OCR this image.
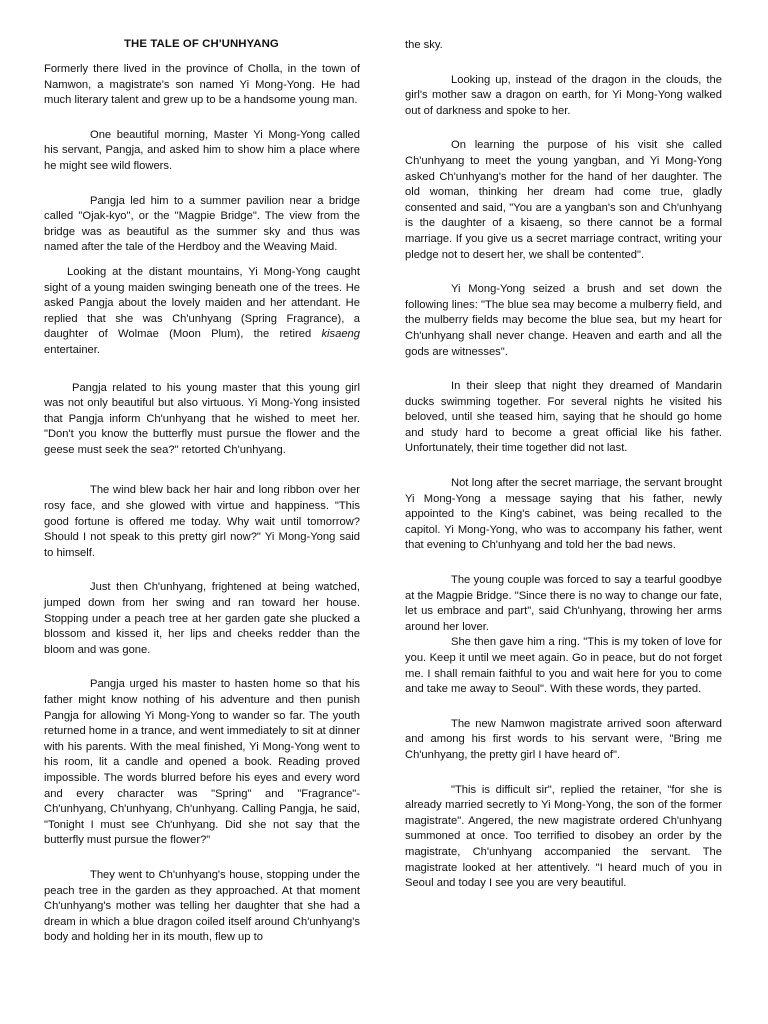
THE TALE OF CH'UNHYANG

Formerly there lived in the province of Cholla, in the town of Namwon, a magistrate's son named Yi Mong-Yong. He had much literary talent and grew up to be a handsome young man.

One beautiful morning, Master Yi Mong-Yong called his servant, Pangja, and asked him to show him a place where he might see wild flowers.

Pangja led him to a summer pavilion near a bridge called "Ojak-kyo", or the "Magpie Bridge". The view from the bridge was as beautiful as the summer sky and thus was named after the tale of the Herdboy and the Weaving Maid.

Looking at the distant mountains, Yi Mong-Yong caught sight of a young maiden swinging beneath one of the trees. He asked Pangja about the lovely maiden and her attendant. He replied that she was Ch'unhyang (Spring Fragrance), a daughter of Wolmae (Moon Plum), the retired kisaeng entertainer.

Pangja related to his young master that this young girl was not only beautiful but also virtuous. Yi Mong-Yong insisted that Pangja inform Ch'unhyang that he wished to meet her. "Don't you know the butterfly must pursue the flower and the geese must seek the sea?" retorted Ch'unhyang.

The wind blew back her hair and long ribbon over her rosy face, and she glowed with virtue and happiness. "This good fortune is offered me today. Why wait until tomorrow? Should I not speak to this pretty girl now?" Yi Mong-Yong said to himself.

Just then Ch'unhyang, frightened at being watched, jumped down from her swing and ran toward her house. Stopping under a peach tree at her garden gate she plucked a blossom and kissed it, her lips and cheeks redder than the bloom and was gone.

Pangja urged his master to hasten home so that his father might know nothing of his adventure and then punish Pangja for allowing Yi Mong-Yong to wander so far. The youth returned home in a trance, and went immediately to sit at dinner with his parents. With the meal finished, Yi Mong-Yong went to his room, lit a candle and opened a book. Reading proved impossible. The words blurred before his eyes and every word and every character was "Spring" and "Fragrance"- Ch'unhyang, Ch'unhyang, Ch'unhyang. Calling Pangja, he said, "Tonight I must see Ch'unhyang. Did she not say that the butterfly must pursue the flower?"

They went to Ch'unhyang's house, stopping under the peach tree in the garden as they approached. At that moment Ch'unhyang's mother was telling her daughter that she had a dream in which a blue dragon coiled itself around Ch'unhyang's body and holding her in its mouth, flew up to

the sky.

Looking up, instead of the dragon in the clouds, the girl's mother saw a dragon on earth, for Yi Mong-Yong walked out of darkness and spoke to her.

On learning the purpose of his visit she called Ch'unhyang to meet the young yangban, and Yi Mong-Yong asked Ch'unhyang's mother for the hand of her daughter. The old woman, thinking her dream had come true, gladly consented and said, "You are a yangban's son and Ch'unhyang is the daughter of a kisaeng, so there cannot be a formal marriage. If you give us a secret marriage contract, writing your pledge not to desert her, we shall be contented".

Yi Mong-Yong seized a brush and set down the following lines: "The blue sea may become a mulberry field, and the mulberry fields may become the blue sea, but my heart for Ch'unhyang shall never change. Heaven and earth and all the gods are witnesses".

In their sleep that night they dreamed of Mandarin ducks swimming together. For several nights he visited his beloved, until she teased him, saying that he should go home and study hard to become a great official like his father. Unfortunately, their time together did not last.

Not long after the secret marriage, the servant brought Yi Mong-Yong a message saying that his father, newly appointed to the King's cabinet, was being recalled to the capitol. Yi Mong-Yong, who was to accompany his father, went that evening to Ch'unhyang and told her the bad news.

The young couple was forced to say a tearful goodbye at the Magpie Bridge. "Since there is no way to change our fate, let us embrace and part", said Ch'unhyang, throwing her arms around her lover.

She then gave him a ring. "This is my token of love for you. Keep it until we meet again. Go in peace, but do not forget me. I shall remain faithful to you and wait here for you to come and take me away to Seoul". With these words, they parted.

The new Namwon magistrate arrived soon afterward and among his first words to his servant were, "Bring me Ch'unhyang, the pretty girl I have heard of".

"This is difficult sir", replied the retainer, "for she is already married secretly to Yi Mong-Yong, the son of the former magistrate". Angered, the new magistrate ordered Ch'unhyang summoned at once. Too terrified to disobey an order by the magistrate, Ch'unhyang accompanied the servant. The magistrate looked at her attentively. "I heard much of you in Seoul and today I see you are very beautiful.
